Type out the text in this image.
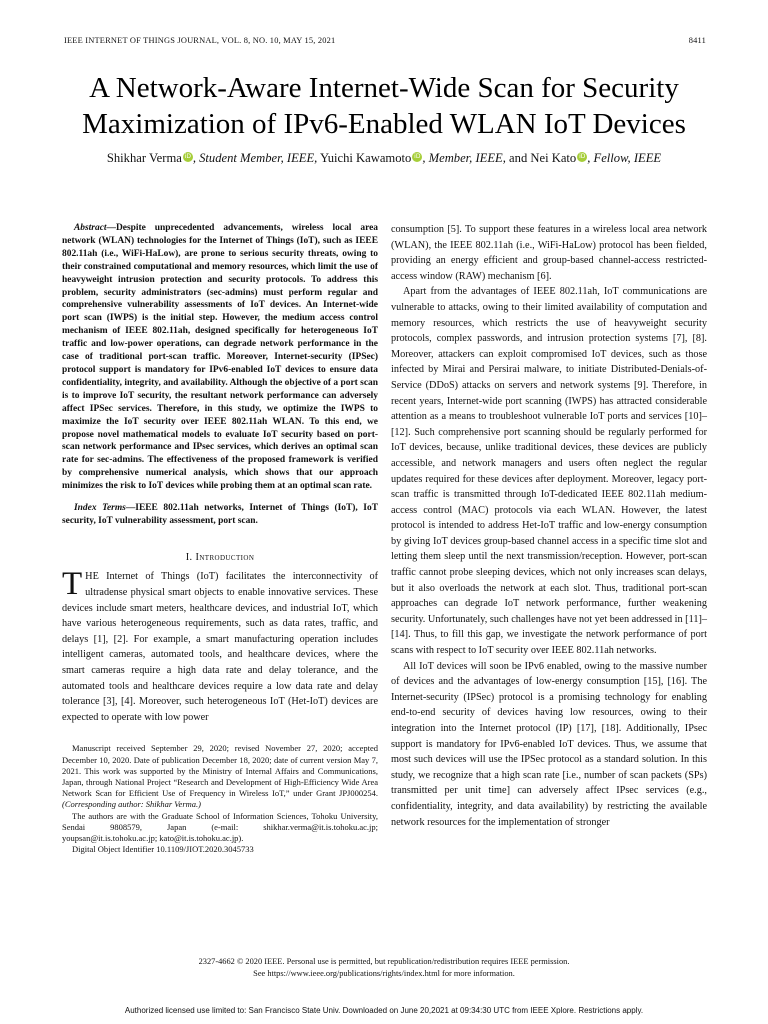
IEEE INTERNET OF THINGS JOURNAL, VOL. 8, NO. 10, MAY 15, 2021	8411
A Network-Aware Internet-Wide Scan for Security
Maximization of IPv6-Enabled WLAN IoT Devices
Shikhar Verma iD , Student Member, IEEE, Yuichi Kawamoto iD , Member, IEEE, and Nei Kato iD , Fellow, IEEE

Abstract—Despite unprecedented advancements, wireless local area network (WLAN) technologies for the Internet of Things (IoT), such as IEEE 802.11ah (i.e., WiFi-HaLow), are prone to serious security threats, owing to their constrained computational and memory resources, which limit the use of heavyweight intrusion protection and security protocols. To address this problem, security administrators (sec-admins) must perform regular and comprehensive vulnerability assessments of IoT devices. An Internet-wide port scan (IWPS) is the initial step. However, the medium access control mechanism of IEEE 802.11ah, designed specifically for heterogeneous IoT traffic and low-power operations, can degrade network performance in the case of traditional port-scan traffic. Moreover, Internet-security (IPSec) protocol support is mandatory for IPv6-enabled IoT devices to ensure data confidentiality, integrity, and availability. Although the objective of a port scan is to improve IoT security, the resultant network performance can adversely affect IPSec services. Therefore, in this study, we optimize the IWPS to maximize the IoT security over IEEE 802.11ah WLAN. To this end, we propose novel mathematical models to evaluate IoT security based on port-scan network performance and IPsec services, which derives an optimal scan rate for sec-admins. The effectiveness of the proposed framework is verified by comprehensive numerical analysis, which shows that our approach minimizes the risk to IoT devices while probing them at an optimal scan rate.

Index Terms—IEEE 802.11ah networks, Internet of Things (IoT), IoT security, IoT vulnerability assessment, port scan.

I. Introduction

THE Internet of Things (IoT) facilitates the interconnectivity of ultradense physical smart objects to enable innovative services. These devices include smart meters, healthcare devices, and industrial IoT, which have various heterogeneous requirements, such as data rates, traffic, and delays [1], [2]. For example, a smart manufacturing operation includes intelligent cameras, automated tools, and healthcare devices, where the smart cameras require a high data rate and delay tolerance, and the automated tools and healthcare devices require a low data rate and delay tolerance [3], [4]. Moreover, such heterogeneous IoT (Het-IoT) devices are expected to operate with low power

Manuscript received September 29, 2020; revised November 27, 2020; accepted December 10, 2020. Date of publication December 18, 2020; date of current version May 7, 2021. This work was supported by the Ministry of Internal Affairs and Communications, Japan, through National Project “Research and Development of High-Efficiency Wide Area Network Scan for Efficient Use of Frequency in Wireless IoT,” under Grant JPJ000254. (Corresponding author: Shikhar Verma.)

The authors are with the Graduate School of Information Sciences, Tohoku University, Sendai 9808579, Japan (e-mail: shikhar.verma@it.is.tohoku.ac.jp; youpsan@it.is.tohoku.ac.jp; kato@it.is.tohoku.ac.jp).

Digital Object Identifier 10.1109/JIOT.2020.3045733

consumption [5]. To support these features in a wireless local area network (WLAN), the IEEE 802.11ah (i.e., WiFi-HaLow) protocol has been fielded, providing an energy efficient and group-based channel-access restricted-access window (RAW) mechanism [6].

Apart from the advantages of IEEE 802.11ah, IoT communications are vulnerable to attacks, owing to their limited availability of computation and memory resources, which restricts the use of heavyweight security protocols, complex passwords, and intrusion protection systems [7], [8]. Moreover, attackers can exploit compromised IoT devices, such as those infected by Mirai and Persirai malware, to initiate Distributed-Denials-of-Service (DDoS) attacks on servers and network systems [9]. Therefore, in recent years, Internet-wide port scanning (IWPS) has attracted considerable attention as a means to troubleshoot vulnerable IoT ports and services [10]–[12]. Such comprehensive port scanning should be regularly performed for IoT devices, because, unlike traditional devices, these devices are publicly accessible, and network managers and users often neglect the regular updates required for these devices after deployment. Moreover, legacy port-scan traffic is transmitted through IoT-dedicated IEEE 802.11ah medium-access control (MAC) protocols via each WLAN. However, the latest protocol is intended to address Het-IoT traffic and low-energy consumption by giving IoT devices group-based channel access in a specific time slot and letting them sleep until the next transmission/reception. However, port-scan traffic cannot probe sleeping devices, which not only increases scan delays, but it also overloads the network at each slot. Thus, traditional port-scan approaches can degrade IoT network performance, further weakening security. Unfortunately, such challenges have not yet been addressed in [11]–[14]. Thus, to fill this gap, we investigate the network performance of port scans with respect to IoT security over IEEE 802.11ah networks.

All IoT devices will soon be IPv6 enabled, owing to the massive number of devices and the advantages of low-energy consumption [15], [16]. The Internet-security (IPSec) protocol is a promising technology for enabling end-to-end security of devices having low resources, owing to their integration into the Internet protocol (IP) [17], [18]. Additionally, IPsec support is mandatory for IPv6-enabled IoT devices. Thus, we assume that most such devices will use the IPSec protocol as a standard solution. In this study, we recognize that a high scan rate [i.e., number of scan packets (SPs) transmitted per unit time] can adversely affect IPsec services (e.g., confidentiality, integrity, and data availability) by restricting the available network resources for the implementation of stronger

2327-4662 © 2020 IEEE. Personal use is permitted, but republication/redistribution requires IEEE permission.
See https://www.ieee.org/publications/rights/index.html for more information.
Authorized licensed use limited to: San Francisco State Univ. Downloaded on June 20,2021 at 09:34:30 UTC from IEEE Xplore. Restrictions apply.
